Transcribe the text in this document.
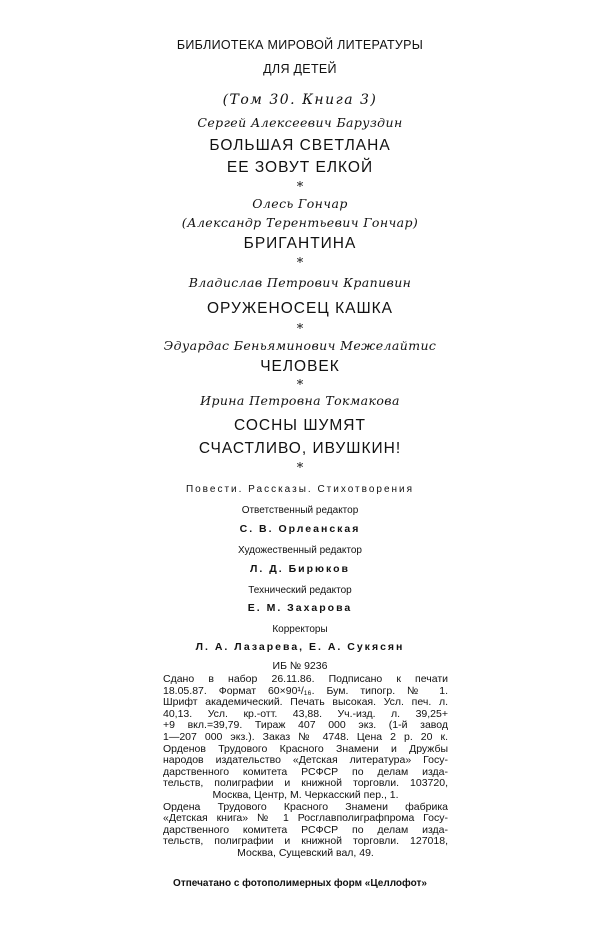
БИБЛИОТЕКА МИРОВОЙ ЛИТЕРАТУРЫ
ДЛЯ ДЕТЕЙ
(Том 30. Книга 3)
Сергей Алексеевич Баруздин
БОЛЬШАЯ СВЕТЛАНА
ЕЕ ЗОВУТ ЕЛКОЙ
*
Олесь Гончар
(Александр Терентьевич Гончар)
БРИГАНТИНА
*
Владислав Петрович Крапивин
ОРУЖЕНОСЕЦ КАШКА
*
Эдуардас Беньяминович Межелайтис
ЧЕЛОВЕК
*
Ирина Петровна Токмакова
СОСНЫ ШУМЯТ
СЧАСТЛИВО, ИВУШКИН!
*
Повести. Рассказы. Стихотворения
Ответственный редактор
С. В. Орлеанская
Художественный редактор
Л. Д. Бирюков
Технический редактор
Е. М. Захарова
Корректоры
Л. А. Лазарева, Е. А. Сукясян
ИБ № 9236
Сдано в набор 26.11.86. Подписано к печати
18.05.87. Формат 60×90¹/₁₆. Бум. типогр. № 1.
Шрифт академический. Печать высокая. Усл. печ. л.
40,13. Усл. кр.-отт. 43,88. Уч.-изд. л. 39,25+
+9 вкл.=39,79. Тираж 407 000 экз. (1-й завод
1—207 000 экз.). Заказ № 4748. Цена 2 р. 20 к.
Орденов Трудового Красного Знамени и Дружбы
народов издательство «Детская литература» Госу-
дарственного комитета РСФСР по делам изда-
тельств, полиграфии и книжной торговли. 103720,
Москва, Центр, М. Черкасский пер., 1.
Ордена Трудового Красного Знамени фабрика
«Детская книга» № 1 Росглавполиграфпрома Госу-
дарственного комитета РСФСР по делам изда-
тельств, полиграфии и книжной торговли. 127018,
Москва, Сущевский вал, 49.
Отпечатано с фотополимерных форм «Целлофот»
